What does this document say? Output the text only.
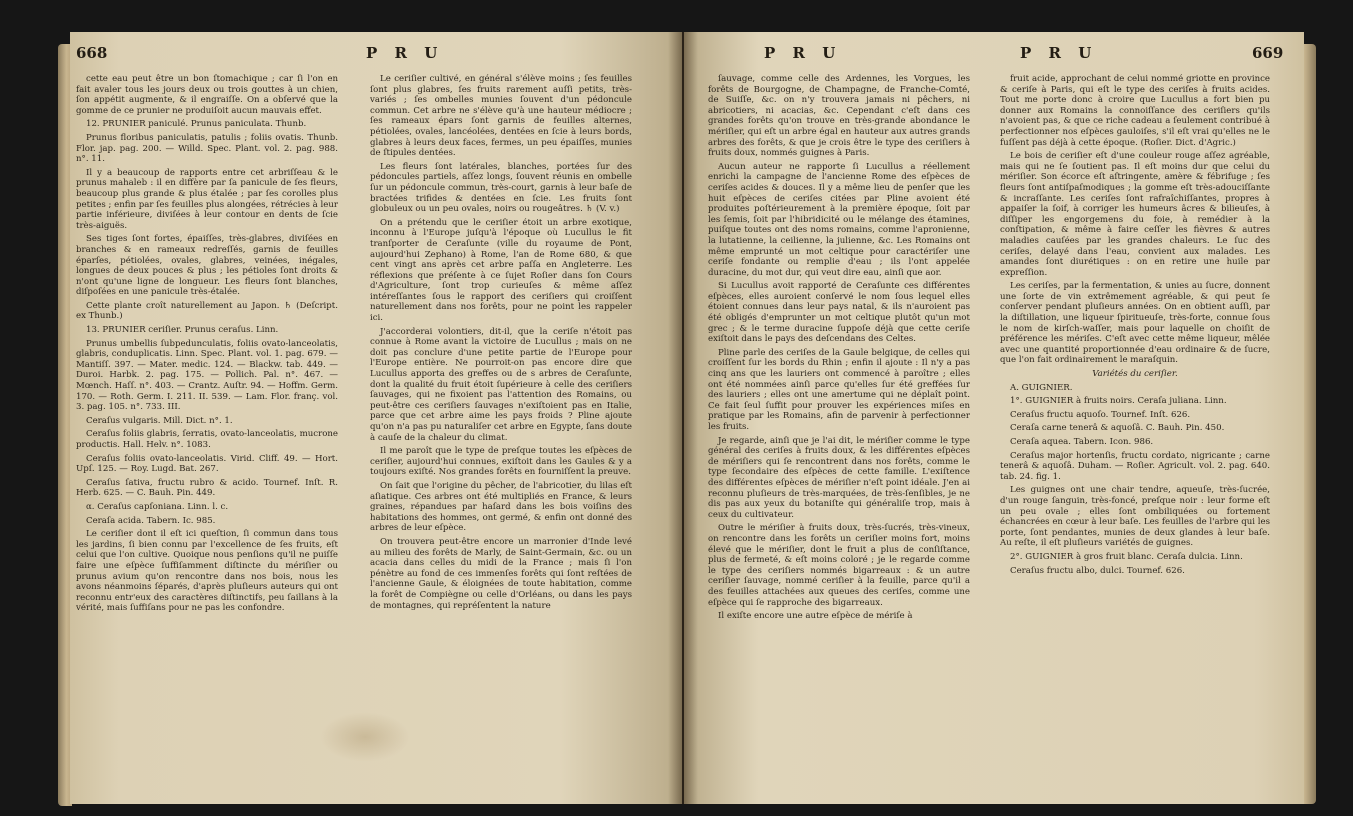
668	P R U

cette eau peut être un bon ſtomachique ; car ſi l'on en fait avaler tous les jours deux ou trois gouttes à un chien, ſon appétit augmente, & il engraiſſe. On a obſervé que la gomme de ce prunier ne produiſoit aucun mauvais effet.

12. PRUNIER paniculé. Prunus paniculata. Thunb.

Prunus floribus paniculatis, patulis ; foliis ovatis. Thunb. Flor. jap. pag. 200. — Willd. Spec. Plant. vol. 2. pag. 988. n°. 11.

Il y a beaucoup de rapports entre cet arbriſſeau & le prunus mahaleb : il en diffère par ſa panicule de ſes fleurs, beaucoup plus grande & plus étalée ; par ſes corolles plus petites ; enfin par ſes feuilles plus alongées, rétrécies à leur partie inférieure, diviſées à leur contour en dents de ſcie très-aiguës.

Ses tiges ſont fortes, épaiſſes, très-glabres, diviſées en branches & en rameaux redreſſés, garnis de feuilles éparſes, pétiolées, ovales, glabres, veinées, inégales, longues de deux pouces & plus ; les pétioles ſont droits & n'ont qu'une ligne de longueur. Les fleurs ſont blanches, diſpoſées en une panicule très-étalée.

Cette plante croît naturellement au Japon. ♄ (Deſcript. ex Thunb.)

13. PRUNIER ceriſier. Prunus ceraſus. Linn.

Prunus umbellis ſubpedunculatis, foliis ovato-lanceolatis, glabris, conduplicatis. Linn. Spec. Plant. vol. 1. pag. 679. — Mantiſſ. 397. — Mater. medic. 124. — Blackw. tab. 449. — Duroi. Harbk. 2. pag. 175. — Pollich. Pal. n°. 467. — Mœnch. Haſſ. n°. 403. — Crantz. Auſtr. 94. — Hoffm. Germ. 170. — Roth. Germ. I. 211. II. 539. — Lam. Flor. franç. vol. 3. pag. 105. n°. 733. III.

Ceraſus vulgaris. Mill. Dict. n°. 1.

Ceraſus foliis glabris, ſerratis, ovato-lanceolatis, mucrone productis. Hall. Helv. n°. 1083.

Ceraſus foliis ovato-lanceolatis. Virid. Cliff. 49. — Hort. Upſ. 125. — Roy. Lugd. Bat. 267.

Ceraſus ſativa, fructu rubro & acido. Tournef. Inſt. R. Herb. 625. — C. Bauh. Pin. 449.

α. Ceraſus capſoniana. Linn. l. c.

Ceraſa acida. Tabern. Ic. 985.

Le ceriſier dont il eſt ici queſtion, ſi commun dans tous les jardins, ſi bien connu par l'excellence de ſes fruits, eſt celui que l'on cultive. Quoique nous penſions qu'il ne puiſſe faire une eſpèce ſuffiſamment diſtincte du mériſier ou prunus avium qu'on rencontre dans nos bois, nous les avons néanmoins ſéparés, d'après pluſieurs auteurs qui ont reconnu entr'eux des caractères diſtinctifs, peu ſaillans à la vérité, mais ſuffiſans pour ne pas les confondre.

Le ceriſier cultivé, en général s'élève moins ; ſes feuilles ſont plus glabres, ſes fruits rarement auſſi petits, très-variés ; ſes ombelles munies ſouvent d'un pédoncule commun. Cet arbre ne s'élève qu'à une hauteur médiocre ; ſes rameaux épars ſont garnis de feuilles alternes, pétiolées, ovales, lancéolées, dentées en ſcie à leurs bords, glabres à leurs deux faces, fermes, un peu épaiſſes, munies de ſtipules dentées.

Les fleurs ſont latérales, blanches, portées ſur des pédoncules partiels, aſſez longs, ſouvent réunis en ombelle ſur un pédoncule commun, très-court, garnis à leur baſe de bractées trifides & dentées en ſcie. Les fruits ſont globuleux ou un peu ovales, noirs ou rougeâtres. ♄ (V. v.)

On a prétendu que le ceriſier étoit un arbre exotique, inconnu à l'Europe juſqu'à l'époque où Lucullus le fit tranſporter de Ceraſunte (ville du royaume de Pont, aujourd'hui Zephano) à Rome, l'an de Rome 680, & que cent vingt ans après cet arbre paſſa en Angleterre. Les réflexions que préſente à ce ſujet Roſier dans ſon Cours d'Agriculture, ſont trop curieuſes & même aſſez intéreſſantes ſous le rapport des ceriſiers qui croiſſent naturellement dans nos forêts, pour ne point les rappeler ici.

J'accorderai volontiers, dit-il, que la ceriſe n'étoit pas connue à Rome avant la victoire de Lucullus ; mais on ne doit pas conclure d'une petite partie de l'Europe pour l'Europe entière. Ne pourroit-on pas encore dire que Lucullus apporta des greffes ou de s arbres de Ceraſunte, dont la qualité du fruit étoit ſupérieure à celle des ceriſiers ſauvages, qui ne fixoient pas l'attention des Romains, ou peut-être ces ceriſiers ſauvages n'exiſtoient pas en Italie, parce que cet arbre aime les pays froids ? Pline ajoute qu'on n'a pas pu naturaliſer cet arbre en Egypte, ſans doute à cauſe de la chaleur du climat.

Il me paroît que le type de preſque toutes les eſpèces de ceriſier, aujourd'hui connues, exiſtoit dans les Gaules & y a toujours exiſté. Nos grandes forêts en fourniſſent la preuve.

On ſait que l'origine du pêcher, de l'abricotier, du lilas eſt aſiatique. Ces arbres ont été multipliés en France, & leurs graines, répandues par haſard dans les bois voiſins des habitations des hommes, ont germé, & enfin ont donné des arbres de leur eſpèce.

On trouvera peut-être encore un marronier d'Inde levé au milieu des forêts de Marly, de Saint-Germain, &c. ou un acacia dans celles du midi de la France ; mais ſi l'on pénètre au fond de ces immenſes forêts qui ſont reſtées de l'ancienne Gaule, & éloignées de toute habitation, comme la forêt de Compiègne ou celle d'Orléans, ou dans les pays de montagnes, qui repréſentent la nature

P R U	P R U	669

ſauvage, comme celle des Ardennes, les Vorgues, les forêts de Bourgogne, de Champagne, de Franche-Comté, de Suiſſe, &c. on n'y trouvera jamais ni pêchers, ni abricotiers, ni acacias, &c. Cependant c'eſt dans ces grandes forêts qu'on trouve en très-grande abondance le mériſier, qui eſt un arbre égal en hauteur aux autres grands arbres des forêts, & que je crois être le type des ceriſiers à fruits doux, nommés guignes à Paris.

Aucun auteur ne rapporte ſi Lucullus a réellement enrichi la campagne de l'ancienne Rome des eſpèces de ceriſes acides & douces. Il y a même lieu de penſer que les huit eſpèces de ceriſes citées par Pline avoient été produites poſtérieurement à la première époque, ſoit par les ſemis, ſoit par l'hibridicité ou le mélange des étamines, puiſque toutes ont des noms romains, comme l'apronienne, la lutatienne, la ceilienne, la julienne, &c. Les Romains ont même emprunté un mot celtique pour caractériſer une ceriſe fondante ou remplie d'eau ; ils l'ont appelée duracine, du mot dur, qui veut dire eau, ainſi que aor.

Si Lucullus avoit rapporté de Ceraſunte ces différentes eſpèces, elles auroient conſervé le nom ſous lequel elles étoient connues dans leur pays natal, & ils n'auroient pas été obligés d'emprunter un mot celtique plutôt qu'un mot grec ; & le terme duracine ſuppoſe déjà que cette ceriſe exiſtoit dans le pays des deſcendans des Celtes.

Pline parle des ceriſes de la Gaule belgique, de celles qui croiſſent ſur les bords du Rhin ; enfin il ajoute : Il n'y a pas cinq ans que les lauriers ont commencé à paroître ; elles ont été nommées ainſi parce qu'elles ſur été greffées ſur des lauriers ; elles ont une amertume qui ne déplaît point. Ce fait ſeul ſuffit pour prouver les expériences miſes en pratique par les Romains, afin de parvenir à perfectionner les fruits.

Je regarde, ainſi que je l'ai dit, le mériſier comme le type général des ceriſes à fruits doux, & les différentes eſpèces de mériſiers qui ſe rencontrent dans nos forêts, comme le type ſecondaire des eſpèces de cette famille. L'exiſtence des différentes eſpèces de mériſier n'eſt point idéale. J'en ai reconnu pluſieurs de très-marquées, de très-ſenſibles, je ne dis pas aux yeux du botaniſte qui généraliſe trop, mais à ceux du cultivateur.

Outre le mériſier à fruits doux, très-ſucrés, très-vineux, on rencontre dans les forêts un ceriſier moins fort, moins élevé que le mériſier, dont le fruit a plus de conſiſtance, plus de fermeté, & eſt moins coloré ; je le regarde comme le type des ceriſiers nommés bigarreaux : & un autre ceriſier ſauvage, nommé ceriſier à la feuille, parce qu'il a des feuilles attachées aux queues des ceriſes, comme une eſpèce qui ſe rapproche des bigarreaux.

Il exiſte encore une autre eſpèce de mériſe à

fruit acide, approchant de celui nommé griotte en province & ceriſe à Paris, qui eſt le type des ceriſes à fruits acides. Tout me porte donc à croire que Lucullus a fort bien pu donner aux Romains la connoiſſance des ceriſiers qu'ils n'avoient pas, & que ce riche cadeau a ſeulement contribué à perfectionner nos eſpèces gauloiſes, s'il eſt vrai qu'elles ne le fuſſent pas déjà à cette époque. (Roſier. Dict. d'Agric.)

Le bois de ceriſier eſt d'une couleur rouge aſſez agréable, mais qui ne ſe ſoutient pas. Il eſt moins dur que celui du mériſier. Son écorce eſt aſtringente, amère & fébrifuge ; ſes fleurs ſont antiſpaſmodiques ; la gomme eſt très-adouciſſante & incraſſante. Les ceriſes ſont rafraîchiſſantes, propres à appaiſer la ſoif, à corriger les humeurs âcres & bilieuſes, à diſſiper les engorgemens du foie, à remédier à la conſtipation, & même à faire ceſſer les fièvres & autres maladies cauſées par les grandes chaleurs. Le ſuc des ceriſes, delayé dans l'eau, convient aux malades. Les amandes ſont diurétiques : on en retire une huile par expreſſion.

Les ceriſes, par la fermentation, & unies au ſucre, donnent une ſorte de vin extrêmement agréable, & qui peut ſe conſerver pendant pluſieurs années. On en obtient auſſi, par la diſtillation, une liqueur ſpiritueuſe, très-forte, connue ſous le nom de kirſch-waſſer, mais pour laquelle on choiſit de préférence les mériſes. C'eſt avec cette même liqueur, mêlée avec une quantité proportionnée d'eau ordinaire & de ſucre, que l'on fait ordinairement le maraſquin.

Variétés du ceriſier.

A. GUIGNIER.

1°. GUIGNIER à fruits noirs. Ceraſa juliana. Linn.

Ceraſus fructu aquoſo. Tournef. Inſt. 626.

Ceraſa carne tenerâ & aquoſâ. C. Bauh. Pin. 450.

Ceraſa aquea. Tabern. Icon. 986.

Ceraſus major hortenſis, fructu cordato, nigricante ; carne tenerâ & aquoſâ. Duham. — Roſier. Agricult. vol. 2. pag. 640. tab. 24. fig. 1.

Les guignes ont une chair tendre, aqueuſe, très-ſucrée, d'un rouge ſanguin, très-foncé, preſque noir : leur forme eſt un peu ovale ; elles ſont ombiliquées ou fortement échancrées en cœur à leur baſe. Les feuilles de l'arbre qui les porte, ſont pendantes, munies de deux glandes à leur baſe. Au reſte, il eſt pluſieurs variétés de guignes.

2°. GUIGNIER à gros fruit blanc. Ceraſa dulcia. Linn.

Ceraſus fructu albo, dulci. Tournef. 626.
